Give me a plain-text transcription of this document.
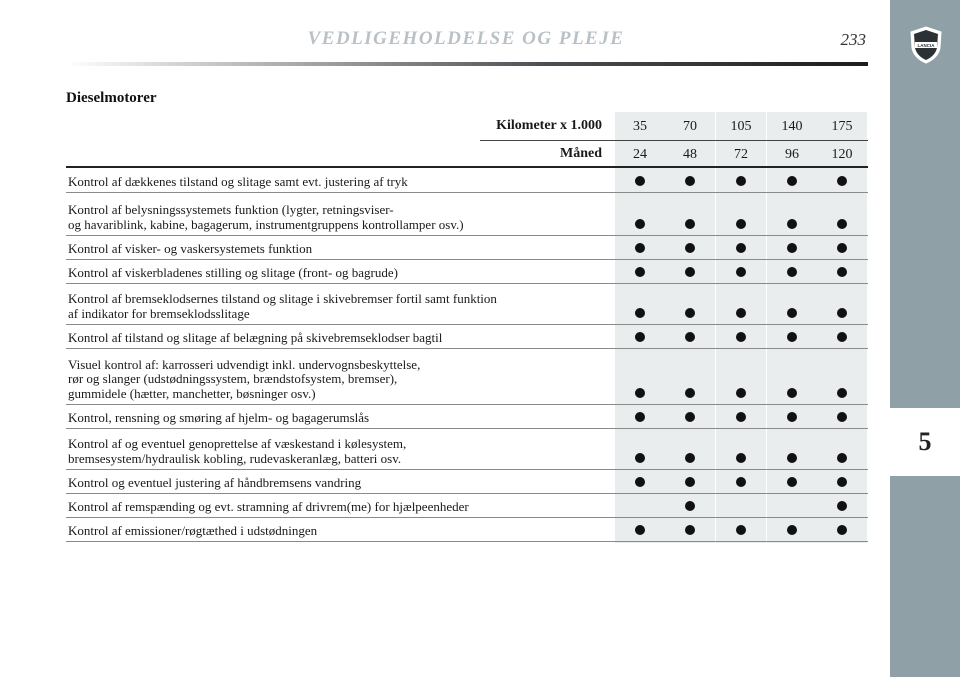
VEDLIGEHOLDELSE OG PLEJE	233	LANCIA
5
Dieselmotorer
Kilometer x 1.000
Måned
35
24
70
48
105
72
140
96
175
120
Kontrol af dækkenes tilstand og slitage samt evt. justering af tryk
Kontrol af belysningssystemets funktion (lygter, retningsviser-
og havariblink, kabine, bagagerum, instrumentgruppens kontrollamper osv.)
Kontrol af visker- og vaskersystemets funktion
Kontrol af viskerbladenes stilling og slitage (front- og bagrude)
Kontrol af bremseklodsernes tilstand og slitage i skivebremser fortil samt funktion
af indikator for bremseklodsslitage
Kontrol af tilstand og slitage af belægning på skivebremseklodser bagtil
Visuel kontrol af: karrosseri udvendigt inkl. undervognsbeskyttelse,
rør og slanger (udstødningssystem, brændstofsystem, bremser),
gummidele (hætter, manchetter, bøsninger osv.)
Kontrol, rensning og smøring af hjelm- og bagagerumslås
Kontrol af og eventuel genoprettelse af væskestand i kølesystem,
bremsesystem/hydraulisk kobling, rudevaskeranlæg, batteri osv.
Kontrol og eventuel justering af håndbremsens vandring
Kontrol af remspænding og evt. stramning af drivrem(me) for hjælpeenheder
Kontrol af emissioner/røgtæthed i udstødningen
carmanualsonline.info
